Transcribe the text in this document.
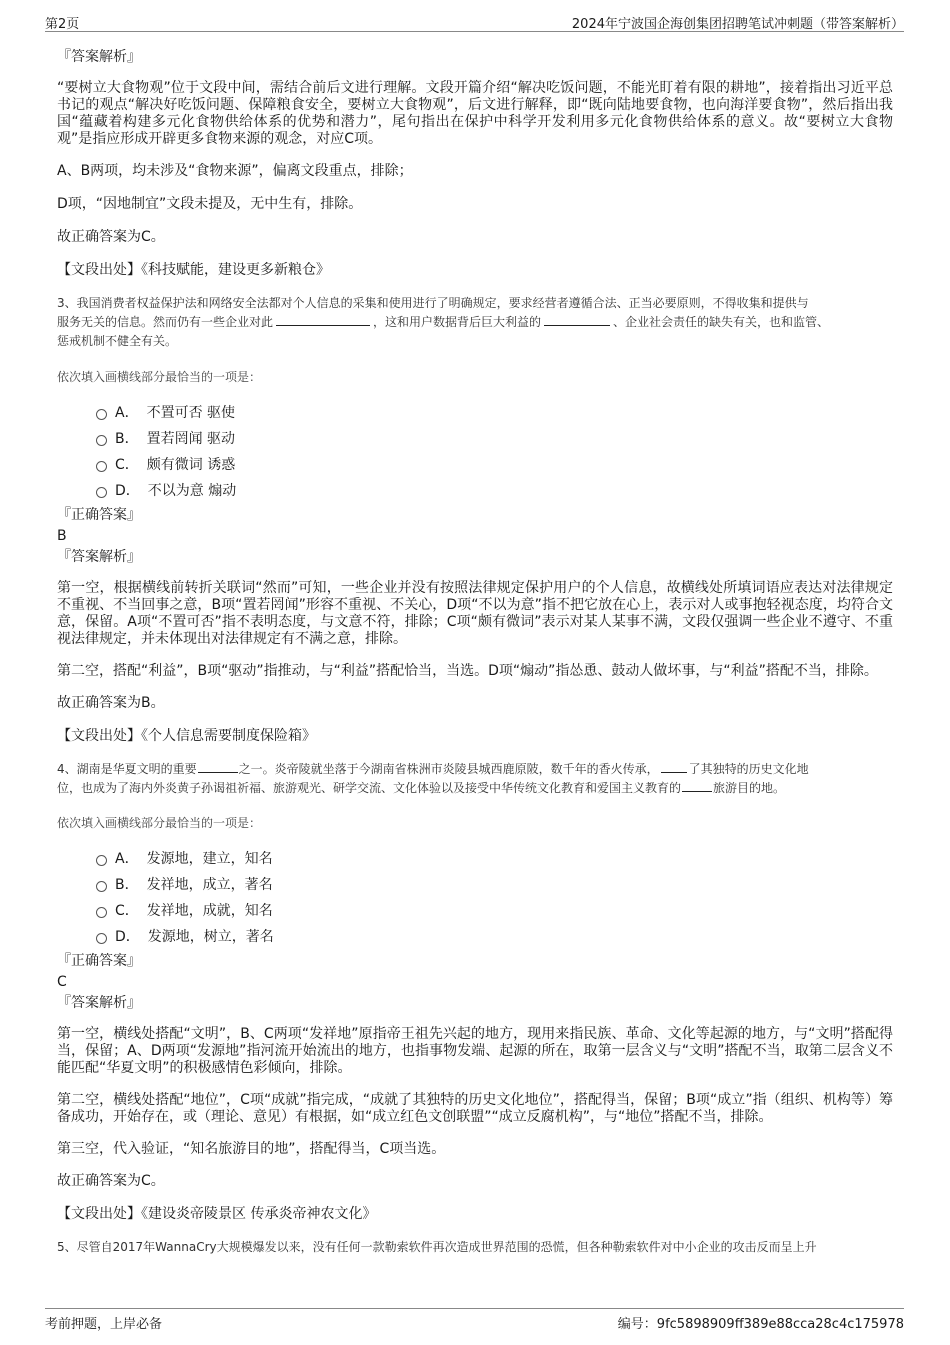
第2页	2024年宁波国企海创集团招聘笔试冲刺题（带答案解析）

『答案解析』

“要树立大食物观”位于文段中间，需结合前后文进行理解。文段开篇介绍“解决吃饭问题，不能光盯着有限的耕地”，接着指出习近平总书记的观点“解决好吃饭问题、保障粮食安全，要树立大食物观”，后文进行解释，即“既向陆地要食物，也向海洋要食物”，然后指出我国“蕴藏着构建多元化食物供给体系的优势和潜力”，尾句指出在保护中科学开发利用多元化食物供给体系的意义。故“要树立大食物观”是指应形成开辟更多食物来源的观念，对应C项。

A、B两项，均未涉及“食物来源”，偏离文段重点，排除；

D项，“因地制宜”文段未提及，无中生有，排除。

故正确答案为C。

【文段出处】《科技赋能，建设更多新粮仓》

3、我国消费者权益保护法和网络安全法都对个人信息的采集和使用进行了明确规定，要求经营者遵循合法、正当必要原则，不得收集和提供与
服务无关的信息。然而仍有一些企业对此	，这和用户数据背后巨大利益的	、企业社会责任的缺失有关，也和监管、
惩戒机制不健全有关。

依次填入画横线部分最恰当的一项是：

A． 不置可否 驱使
B． 置若罔闻 驱动
C． 颇有微词 诱惑
D． 不以为意 煽动

『正确答案』

B

『答案解析』

第一空，根据横线前转折关联词“然而”可知，一些企业并没有按照法律规定保护用户的个人信息，故横线处所填词语应表达对法律规定不重视、不当回事之意，B项“置若罔闻”形容不重视、不关心，D项“不以为意”指不把它放在心上，表示对人或事抱轻视态度，均符合文意，保留。A项“不置可否”指不表明态度，与文意不符，排除；C项“颇有微词”表示对某人某事不满，文段仅强调一些企业不遵守、不重视法律规定，并未体现出对法律规定有不满之意，排除。

第二空，搭配“利益”，B项“驱动”指推动，与“利益”搭配恰当，当选。D项“煽动”指怂恿、鼓动人做坏事，与“利益”搭配不当，排除。

故正确答案为B。

【文段出处】《个人信息需要制度保险箱》

4、湖南是华夏文明的重要	之一。炎帝陵就坐落于今湖南省株洲市炎陵县城西鹿原陂，数千年的香火传承，	了其独特的历史文化地
位，也成为了海内外炎黄子孙谒祖祈福、旅游观光、研学交流、文化体验以及接受中华传统文化教育和爱国主义教育的	旅游目的地。

依次填入画横线部分最恰当的一项是：

A． 发源地，建立，知名
B． 发祥地，成立，著名
C． 发祥地，成就，知名
D． 发源地，树立，著名

『正确答案』

C

『答案解析』

第一空，横线处搭配“文明”，B、C两项“发祥地”原指帝王祖先兴起的地方，现用来指民族、革命、文化等起源的地方，与“文明”搭配得当，保留；A、D两项“发源地”指河流开始流出的地方，也指事物发端、起源的所在，取第一层含义与“文明”搭配不当，取第二层含义不能匹配“华夏文明”的积极感情色彩倾向，排除。

第二空，横线处搭配“地位”，C项“成就”指完成，“成就了其独特的历史文化地位”，搭配得当，保留；B项“成立”指（组织、机构等）筹备成功，开始存在，或（理论、意见）有根据，如“成立红色文创联盟”“成立反腐机构”，与“地位”搭配不当，排除。

第三空，代入验证，“知名旅游目的地”，搭配得当，C项当选。

故正确答案为C。

【文段出处】《建设炎帝陵景区 传承炎帝神农文化》

5、尽管自2017年WannaCry大规模爆发以来，没有任何一款勒索软件再次造成世界范围的恐慌，但各种勒索软件对中小企业的攻击反而呈上升
考前押题，上岸必备	编号：9fc5898909ff389e88cca28c4c175978
